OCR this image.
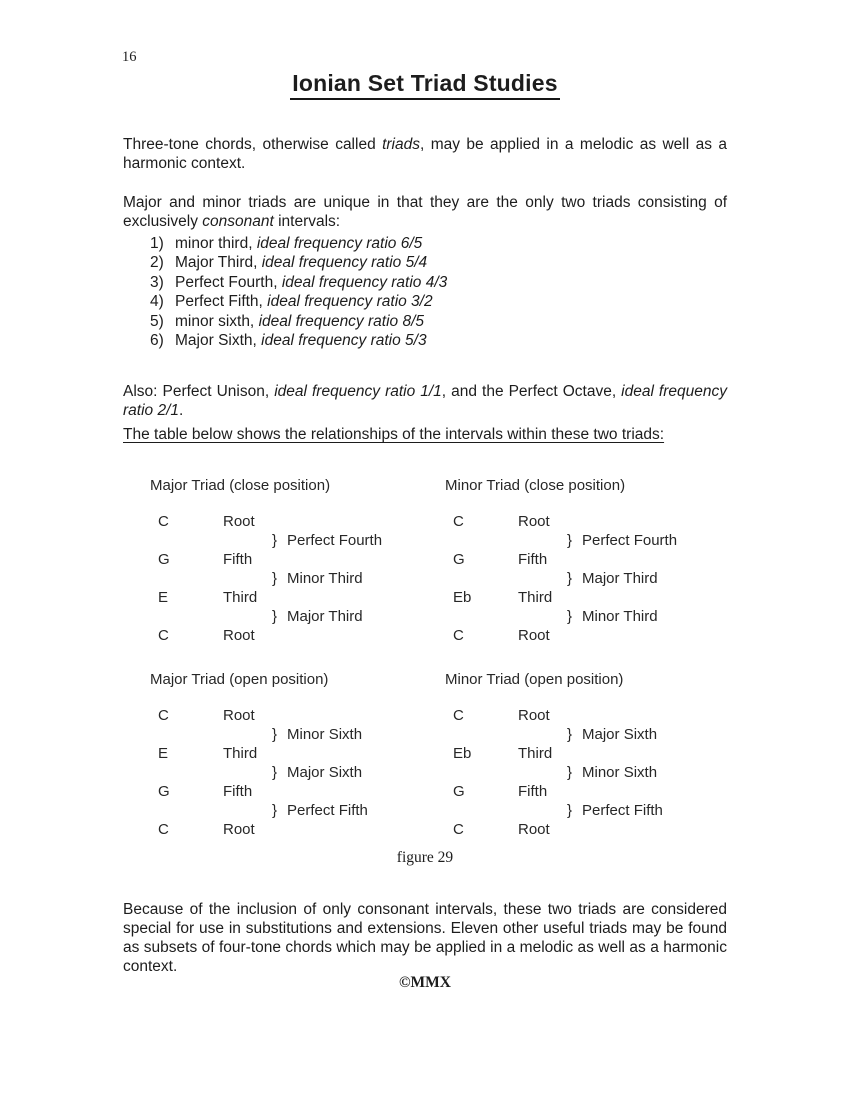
16
Ionian Set Triad Studies

Three-tone chords, otherwise called triads, may be applied in a melodic as well as a harmonic context.

Major and minor triads are unique in that they are the only two triads consisting of exclusively consonant intervals:

1) minor third, ideal frequency ratio 6/5
2) Major Third, ideal frequency ratio 5/4
3) Perfect Fourth, ideal frequency ratio 4/3
4) Perfect Fifth, ideal frequency ratio 3/2
5) minor sixth, ideal frequency ratio 8/5
6) Major Sixth, ideal frequency ratio 5/3

Also: Perfect Unison, ideal frequency ratio 1/1, and the Perfect Octave, ideal frequency ratio 2/1.

The table below shows the relationships of the intervals within these two triads:
Major Triad (close position)
C	Root
} Perfect Fourth
G	Fifth
} Minor Third
E	Third
} Major Third
C	Root
Minor Triad (close position)
C	Root
} Perfect Fourth
G	Fifth
} Major Third
Eb	Third
} Minor Third
C	Root
Major Triad (open position)
C	Root
} Minor Sixth
E	Third
} Major Sixth
G	Fifth
} Perfect Fifth
C	Root
Minor Triad (open position)
C	Root
} Major Sixth
Eb	Third
} Minor Sixth
G	Fifth
} Perfect Fifth
C	Root
figure 29

Because of the inclusion of only consonant intervals, these two triads are considered special for use in substitutions and extensions. Eleven other useful triads may be found as subsets of four-tone chords which may be applied in a melodic as well as a harmonic context.

©MMX
